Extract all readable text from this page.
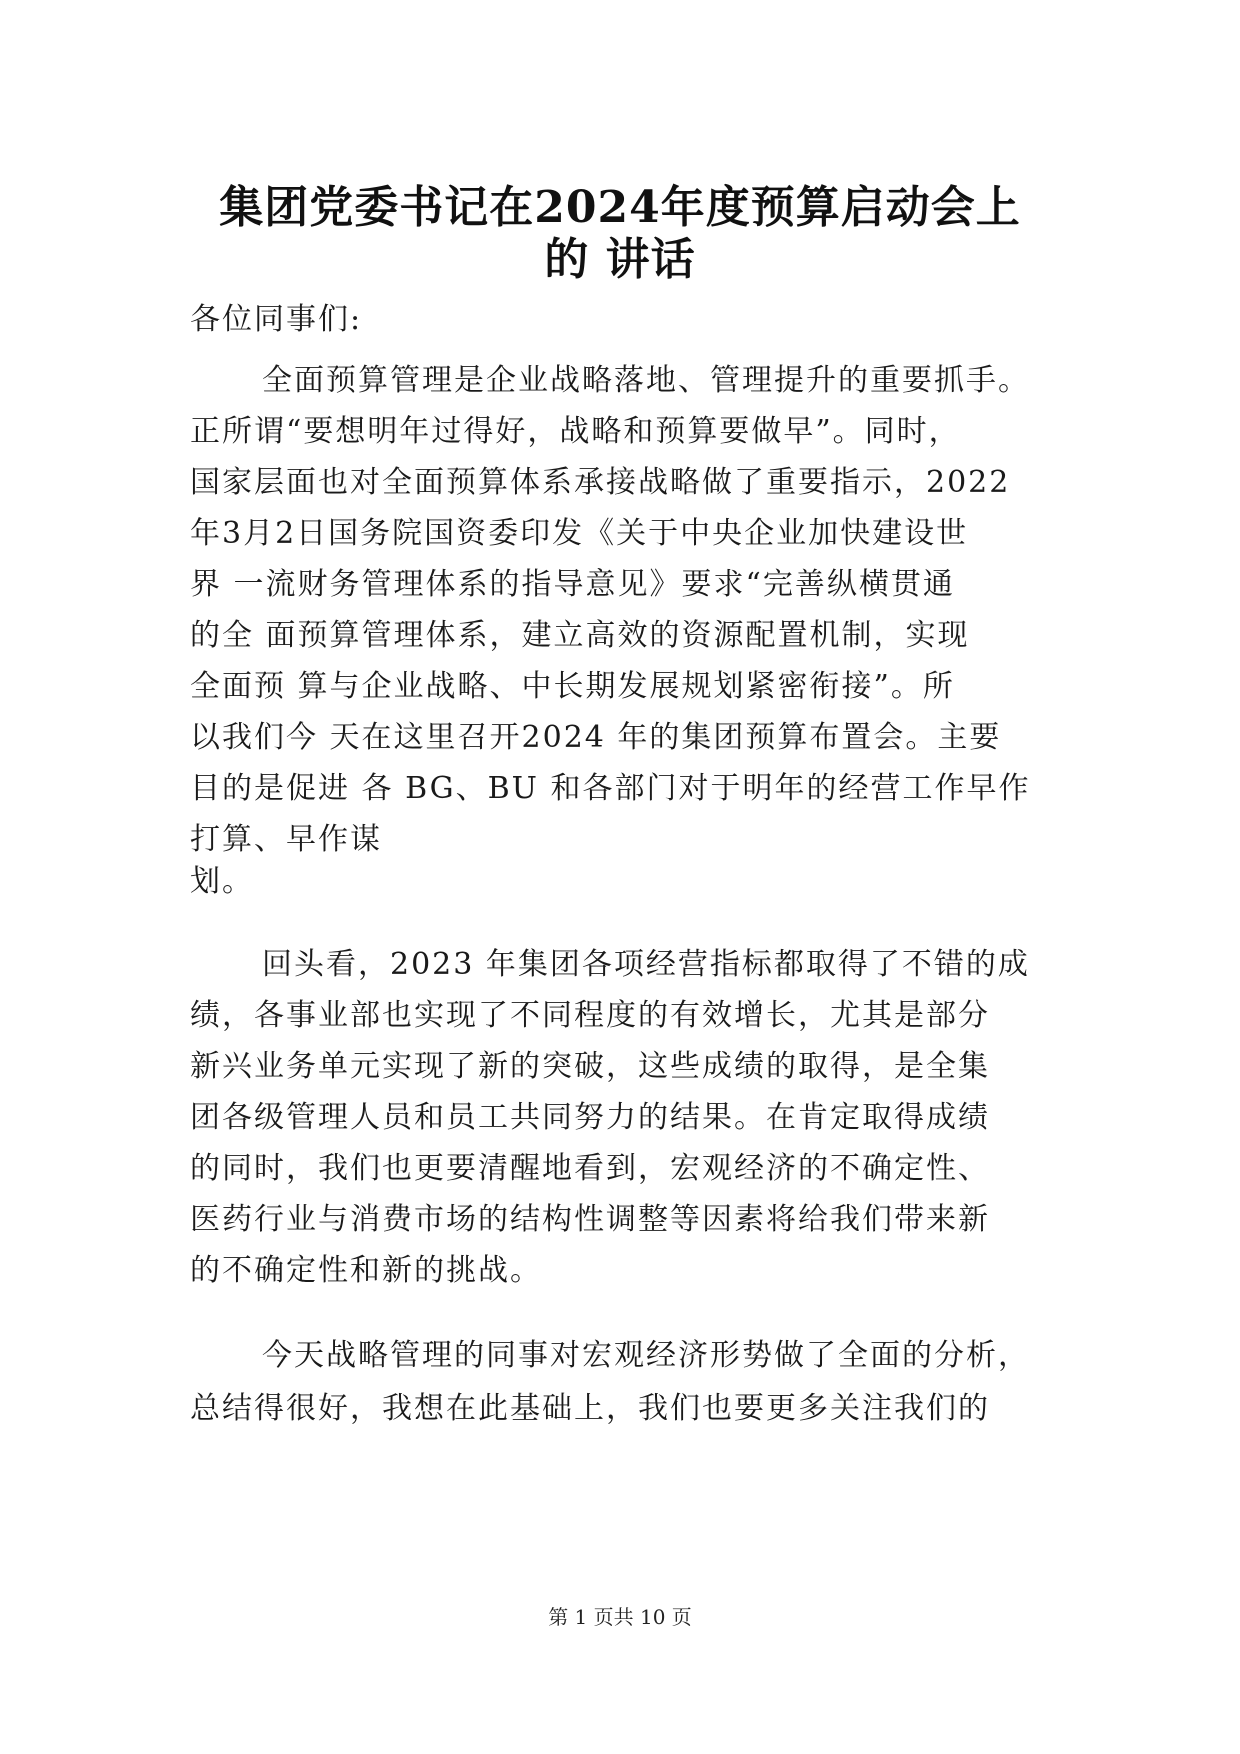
集团党委书记在2024年度预算启动会上
的 讲话

各位同事们:

全面预算管理是企业战略落地、管理提升的重要抓手。

正所谓“要想明年过得好，战略和预算要做早”。同时，

国家层面也对全面预算体系承接战略做了重要指示，2022

年3月2日国务院国资委印发《关于中央企业加快建设世

界 一流财务管理体系的指导意见》要求“完善纵横贯通

的全 面预算管理体系，建立高效的资源配置机制，实现

全面预 算与企业战略、中长期发展规划紧密衔接”。所

以我们今 天在这里召开2024 年的集团预算布置会。主要

目的是促进 各 BG、BU 和各部门对于明年的经营工作早作

打算、早作谋

划。

回头看，2023 年集团各项经营指标都取得了不错的成

绩，各事业部也实现了不同程度的有效增长，尤其是部分

新兴业务单元实现了新的突破，这些成绩的取得，是全集

团各级管理人员和员工共同努力的结果。在肯定取得成绩

的同时，我们也更要清醒地看到，宏观经济的不确定性、

医药行业与消费市场的结构性调整等因素将给我们带来新

的不确定性和新的挑战。

今天战略管理的同事对宏观经济形势做了全面的分析，

总结得很好，我想在此基础上，我们也要更多关注我们的

第 1 页共 10 页
